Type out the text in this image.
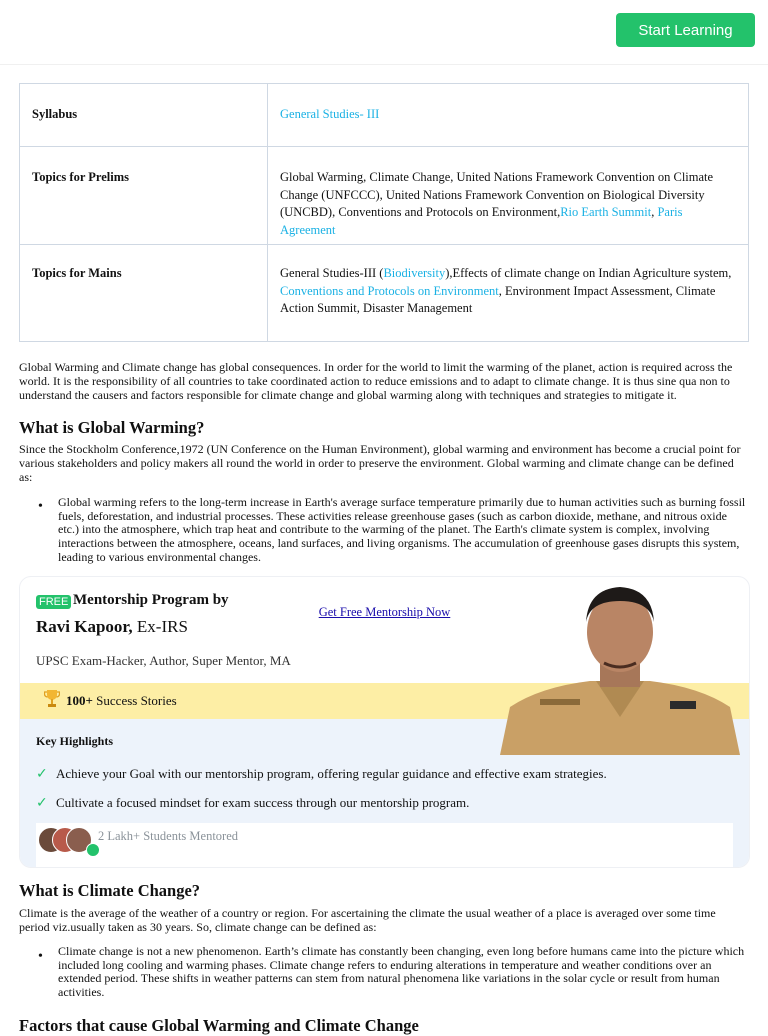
Start Learning
Syllabus	General Studies- III
Topics for Prelims	Global Warming, Climate Change, United Nations Framework Convention on Climate Change (UNFCCC), United Nations Framework Convention on Biological Diversity (UNCBD), Conventions and Protocols on Environment,Rio Earth Summit, Paris Agreement
Topics for Mains	General Studies-III (Biodiversity),Effects of climate change on Indian Agriculture system, Conventions and Protocols on Environment, Environment Impact Assessment, Climate Action Summit, Disaster Management

Global Warming and Climate change has global consequences. In order for the world to limit the warming of the planet, action is required across the world. It is the responsibility of all countries to take coordinated action to reduce emissions and to adapt to climate change. It is thus sine qua non to understand the causers and factors responsible for climate change and global warming along with techniques and strategies to mitigate it.

What is Global Warming?

Since the Stockholm Conference,1972 (UN Conference on the Human Environment), global warming and environment has become a crucial point for various stakeholders and policy makers all round the world in order to preserve the environment. Global warming and climate change can be defined as:

• Global warming refers to the long-term increase in Earth's average surface temperature primarily due to human activities such as burning fossil fuels, deforestation, and industrial processes. These activities release greenhouse gases (such as carbon dioxide, methane, and nitrous oxide etc.) into the atmosphere, which trap heat and contribute to the warming of the planet. The Earth's climate system is complex, involving interactions between the atmosphere, oceans, land surfaces, and living organisms. The accumulation of greenhouse gases disrupts this system, leading to various environmental changes.

FREE Mentorship Program by
Ravi Kapoor, Ex-IRS
UPSC Exam-Hacker, Author, Super Mentor, MA
100+ Success Stories
Key Highlights
✓ Achieve your Goal with our mentorship program, offering regular guidance and effective exam strategies.
✓ Cultivate a focused mindset for exam success through our mentorship program.
2 Lakh+ Students Mentored
Get Free Mentorship Now
What is Climate Change?

Climate is the average of the weather of a country or region. For ascertaining the climate the usual weather of a place is averaged over some time period viz.usually taken as 30 years. So, climate change can be defined as:

• Climate change is not a new phenomenon. Earth’s climate has constantly been changing, even long before humans came into the picture which included long cooling and warming phases. Climate change refers to enduring alterations in temperature and weather conditions over an extended period. These shifts in weather patterns can stem from natural phenomena like variations in the solar cycle or result from human activities.

Factors that cause Global Warming and Climate Change
